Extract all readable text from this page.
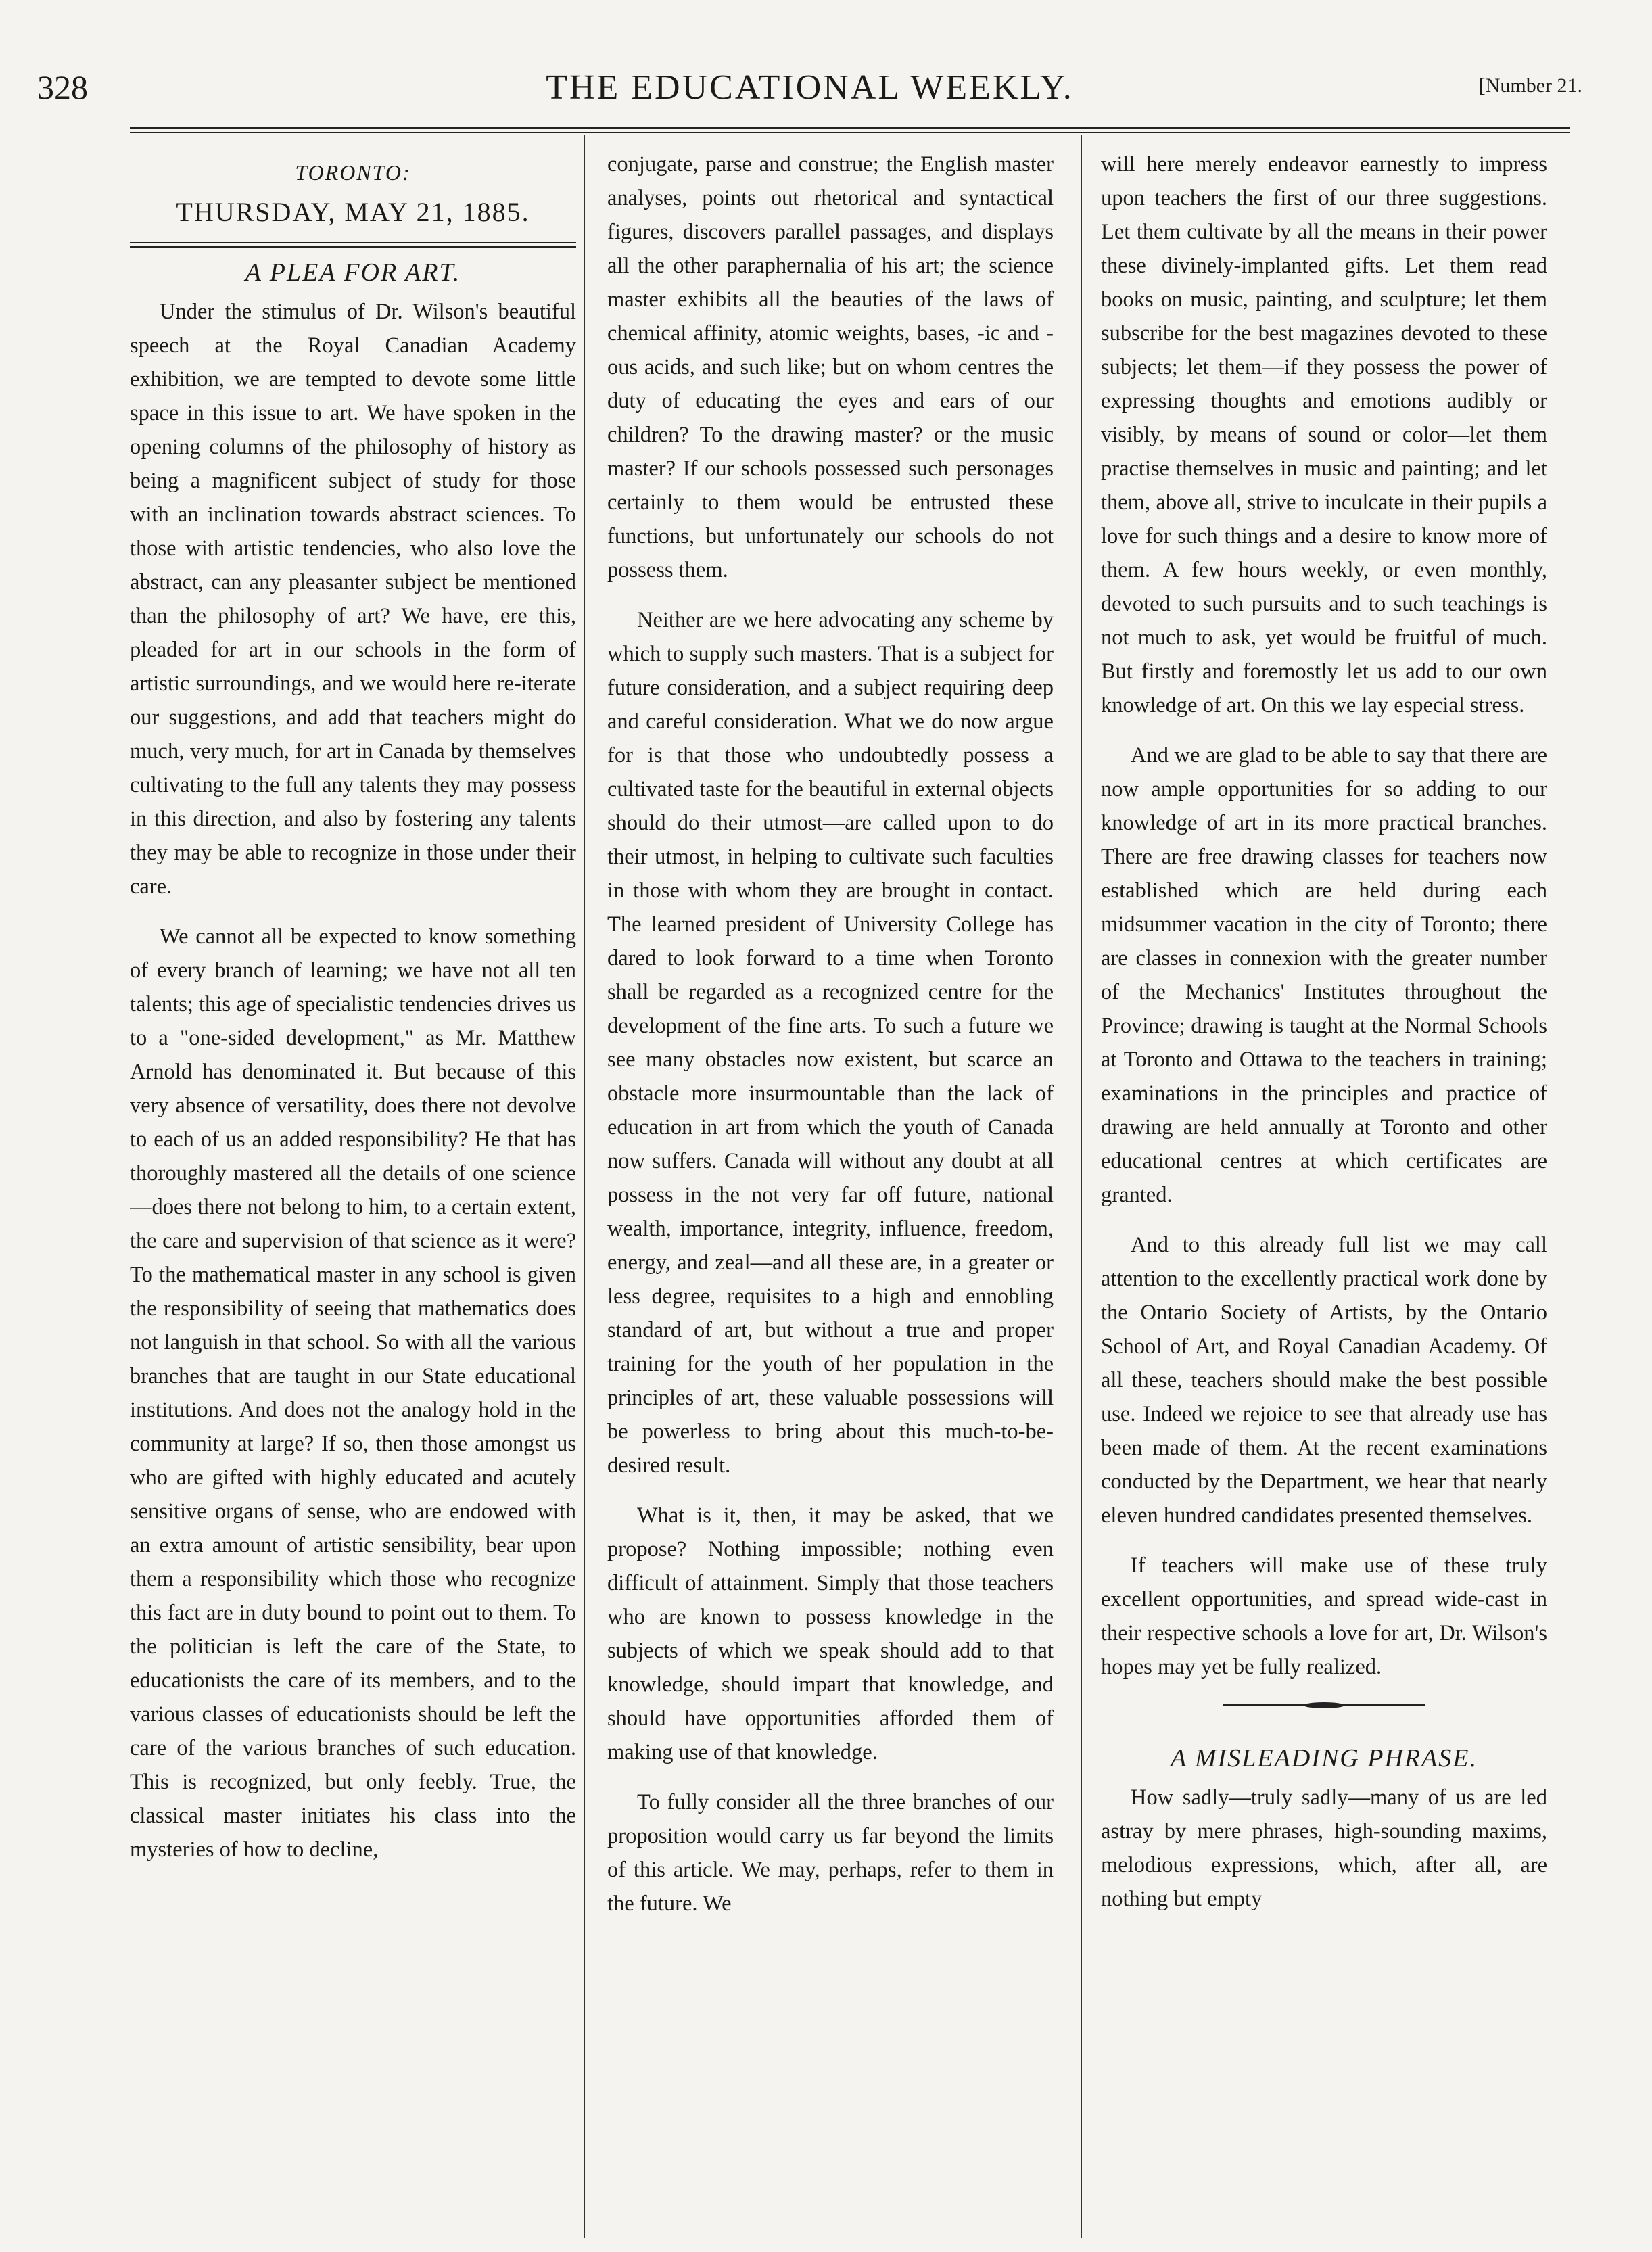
328	THE EDUCATIONAL WEEKLY.	[Number 21.
TORONTO:
THURSDAY, MAY 21, 1885.
A PLEA FOR ART.

Under the stimulus of Dr. Wilson's beautiful speech at the Royal Canadian Academy exhibition, we are tempted to devote some little space in this issue to art. We have spoken in the opening columns of the philosophy of history as being a magnificent subject of study for those with an inclination towards abstract sciences. To those with artistic tendencies, who also love the abstract, can any pleasanter subject be mentioned than the philosophy of art? We have, ere this, pleaded for art in our schools in the form of artistic surroundings, and we would here re-iterate our suggestions, and add that teachers might do much, very much, for art in Canada by themselves cultivating to the full any talents they may possess in this direction, and also by fostering any talents they may be able to recognize in those under their care.

We cannot all be expected to know something of every branch of learning; we have not all ten talents; this age of specialistic tendencies drives us to a "one-sided development," as Mr. Matthew Arnold has denominated it. But because of this very absence of versatility, does there not devolve to each of us an added responsibility? He that has thoroughly mastered all the details of one science—does there not belong to him, to a certain extent, the care and supervision of that science as it were? To the mathematical master in any school is given the responsibility of seeing that mathematics does not languish in that school. So with all the various branches that are taught in our State educational institutions. And does not the analogy hold in the community at large? If so, then those amongst us who are gifted with highly educated and acutely sensitive organs of sense, who are endowed with an extra amount of artistic sensibility, bear upon them a responsibility which those who recognize this fact are in duty bound to point out to them. To the politician is left the care of the State, to educationists the care of its members, and to the various classes of educationists should be left the care of the various branches of such education. This is recognized, but only feebly. True, the classical master initiates his class into the mysteries of how to decline,

conjugate, parse and construe; the English master analyses, points out rhetorical and syntactical figures, discovers parallel passages, and displays all the other paraphernalia of his art; the science master exhibits all the beauties of the laws of chemical affinity, atomic weights, bases, -ic and -ous acids, and such like; but on whom centres the duty of educating the eyes and ears of our children? To the drawing master? or the music master? If our schools possessed such personages certainly to them would be entrusted these functions, but unfortunately our schools do not possess them.

Neither are we here advocating any scheme by which to supply such masters. That is a subject for future consideration, and a subject requiring deep and careful consideration. What we do now argue for is that those who undoubtedly possess a cultivated taste for the beautiful in external objects should do their utmost—are called upon to do their utmost, in helping to cultivate such faculties in those with whom they are brought in contact. The learned president of University College has dared to look forward to a time when Toronto shall be regarded as a recognized centre for the development of the fine arts. To such a future we see many obstacles now existent, but scarce an obstacle more insurmountable than the lack of education in art from which the youth of Canada now suffers. Canada will without any doubt at all possess in the not very far off future, national wealth, importance, integrity, influence, freedom, energy, and zeal—and all these are, in a greater or less degree, requisites to a high and ennobling standard of art, but without a true and proper training for the youth of her population in the principles of art, these valuable possessions will be powerless to bring about this much-to-be-desired result.

What is it, then, it may be asked, that we propose? Nothing impossible; nothing even difficult of attainment. Simply that those teachers who are known to possess knowledge in the subjects of which we speak should add to that knowledge, should impart that knowledge, and should have opportunities afforded them of making use of that knowledge.

To fully consider all the three branches of our proposition would carry us far beyond the limits of this article. We may, perhaps, refer to them in the future. We

will here merely endeavor earnestly to impress upon teachers the first of our three suggestions. Let them cultivate by all the means in their power these divinely-implanted gifts. Let them read books on music, painting, and sculpture; let them subscribe for the best magazines devoted to these subjects; let them—if they possess the power of expressing thoughts and emotions audibly or visibly, by means of sound or color—let them practise themselves in music and painting; and let them, above all, strive to inculcate in their pupils a love for such things and a desire to know more of them. A few hours weekly, or even monthly, devoted to such pursuits and to such teachings is not much to ask, yet would be fruitful of much. But firstly and foremostly let us add to our own knowledge of art. On this we lay especial stress.

And we are glad to be able to say that there are now ample opportunities for so adding to our knowledge of art in its more practical branches. There are free drawing classes for teachers now established which are held during each midsummer vacation in the city of Toronto; there are classes in connexion with the greater number of the Mechanics' Institutes throughout the Province; drawing is taught at the Normal Schools at Toronto and Ottawa to the teachers in training; examinations in the principles and practice of drawing are held annually at Toronto and other educational centres at which certificates are granted.

And to this already full list we may call attention to the excellently practical work done by the Ontario Society of Artists, by the Ontario School of Art, and Royal Canadian Academy. Of all these, teachers should make the best possible use. Indeed we rejoice to see that already use has been made of them. At the recent examinations conducted by the Department, we hear that nearly eleven hundred candidates presented themselves.

If teachers will make use of these truly excellent opportunities, and spread wide-cast in their respective schools a love for art, Dr. Wilson's hopes may yet be fully realized.

A MISLEADING PHRASE.

How sadly—truly sadly—many of us are led astray by mere phrases, high-sounding maxims, melodious expressions, which, after all, are nothing but empty
